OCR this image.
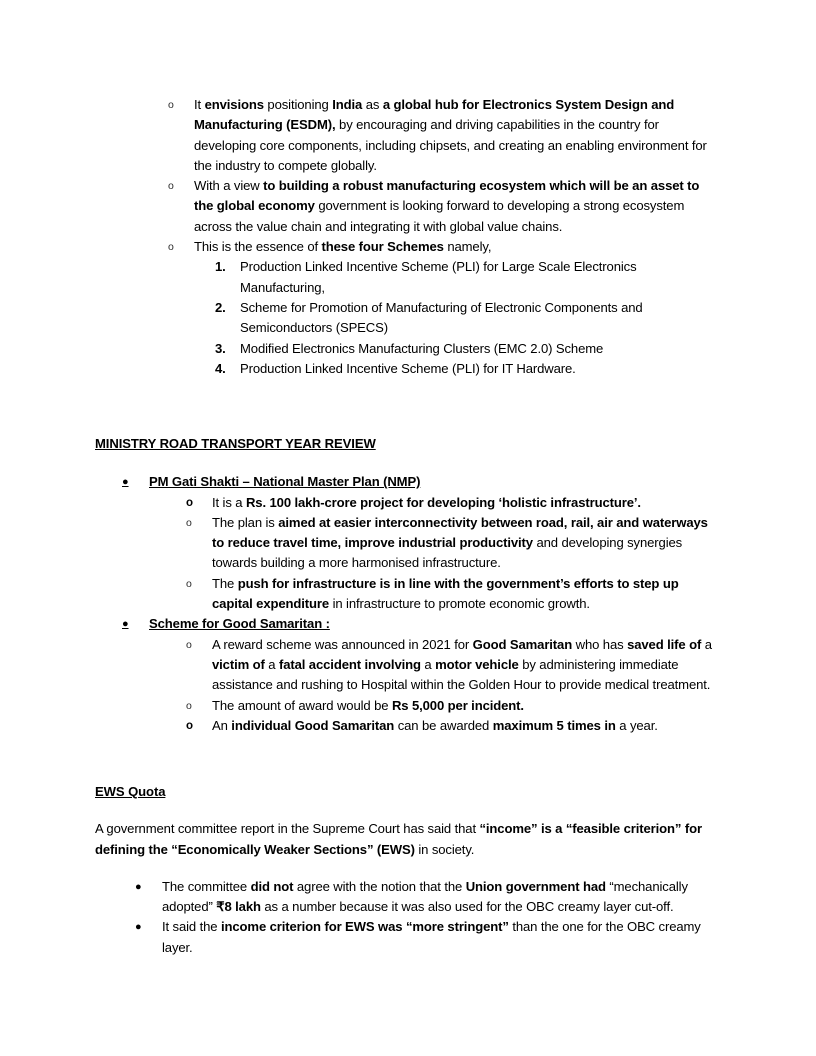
o	It envisions positioning India as a global hub for Electronics System Design and Manufacturing (ESDM), by encouraging and driving capabilities in the country for developing core components, including chipsets, and creating an enabling environment for the industry to compete globally.
o	With a view to building a robust manufacturing ecosystem which will be an asset to the global economy government is looking forward to developing a strong ecosystem across the value chain and integrating it with global value chains.
o	This is the essence of these four Schemes namely,
1.	Production Linked Incentive Scheme (PLI) for Large Scale Electronics Manufacturing,
2.	Scheme for Promotion of Manufacturing of Electronic Components and Semiconductors (SPECS)
3.	Modified Electronics Manufacturing Clusters (EMC 2.0) Scheme
4.	Production Linked Incentive Scheme (PLI) for IT Hardware.
MINISTRY ROAD TRANSPORT YEAR REVIEW
●	PM Gati Shakti – National Master Plan (NMP)
o	It is a Rs. 100 lakh-crore project for developing ‘holistic infrastructure’.
o	The plan is aimed at easier interconnectivity between road, rail, air and waterways to reduce travel time, improve industrial productivity and developing synergies towards building a more harmonised infrastructure.
o	The push for infrastructure is in line with the government’s efforts to step up capital expenditure in infrastructure to promote economic growth.
●	Scheme for Good Samaritan :
o	A reward scheme was announced in 2021 for Good Samaritan who has saved life of a victim of a fatal accident involving a motor vehicle by administering immediate assistance and rushing to Hospital within the Golden Hour to provide medical treatment.
o	The amount of award would be Rs 5,000 per incident.
o	An individual Good Samaritan can be awarded maximum 5 times in a year.
EWS Quota
A government committee report in the Supreme Court has said that “income” is a “feasible criterion” for defining the “Economically Weaker Sections” (EWS) in society.
●	The committee did not agree with the notion that the Union government had “mechanically adopted” ₹8 lakh as a number because it was also used for the OBC creamy layer cut-off.
●	It said the income criterion for EWS was “more stringent” than the one for the OBC creamy layer.
